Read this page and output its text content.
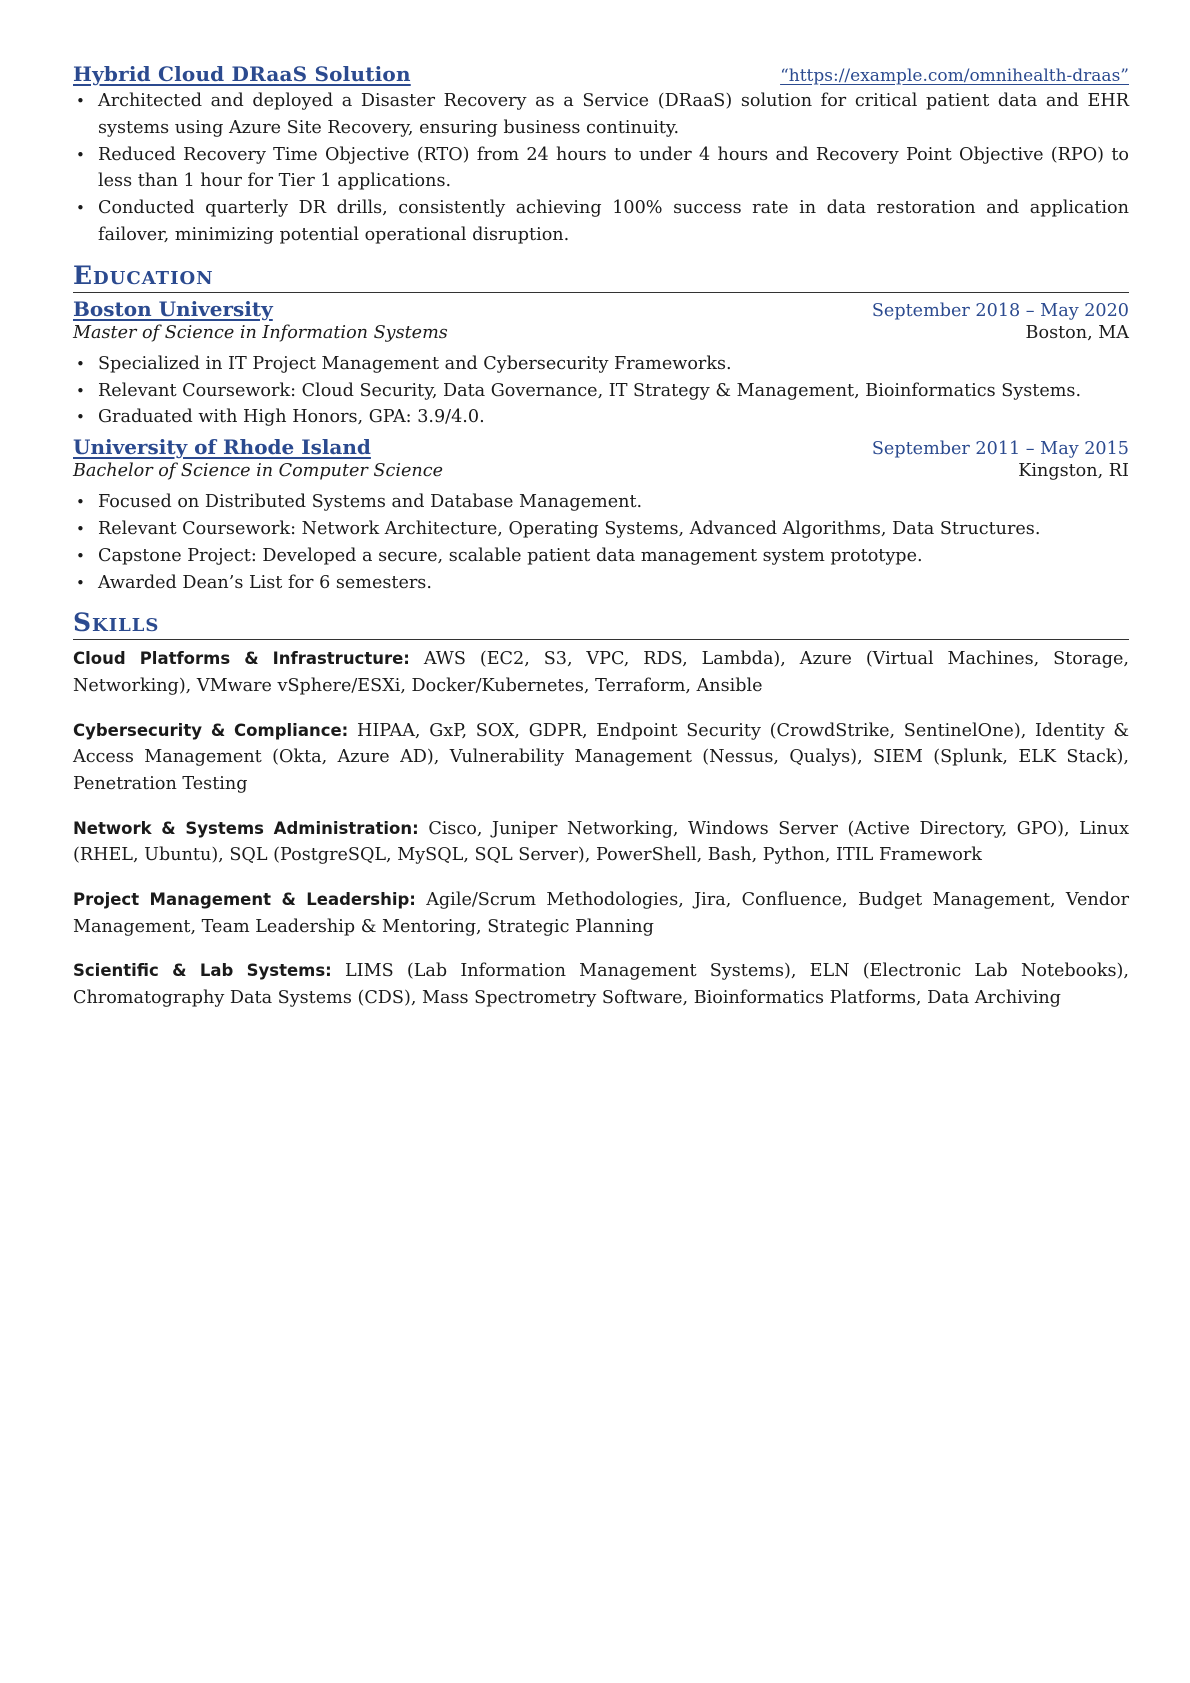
Hybrid Cloud DRaaS Solution	“https://example.com/omnihealth-draas”
• Architected and deployed a Disaster Recovery as a Service (DRaaS) solution for critical patient data and EHR systems using Azure Site Recovery, ensuring business continuity.
• Reduced Recovery Time Objective (RTO) from 24 hours to under 4 hours and Recovery Point Objective (RPO) to less than 1 hour for Tier 1 applications.
• Conducted quarterly DR drills, consistently achieving 100% success rate in data restoration and application failover, minimizing potential operational disruption.
Education
Boston University	September 2018 – May 2020
Master of Science in Information Systems	Boston, MA
• Specialized in IT Project Management and Cybersecurity Frameworks.
• Relevant Coursework: Cloud Security, Data Governance, IT Strategy & Management, Bioinformatics Systems.
• Graduated with High Honors, GPA: 3.9/4.0.
University of Rhode Island	September 2011 – May 2015
Bachelor of Science in Computer Science	Kingston, RI
• Focused on Distributed Systems and Database Management.
• Relevant Coursework: Network Architecture, Operating Systems, Advanced Algorithms, Data Structures.
• Capstone Project: Developed a secure, scalable patient data management system prototype.
• Awarded Dean’s List for 6 semesters.
Skills

Cloud Platforms & Infrastructure: AWS (EC2, S3, VPC, RDS, Lambda), Azure (Virtual Machines, Storage, Networking), VMware vSphere/ESXi, Docker/Kubernetes, Terraform, Ansible

Cybersecurity & Compliance: HIPAA, GxP, SOX, GDPR, Endpoint Security (CrowdStrike, SentinelOne), Identity & Access Management (Okta, Azure AD), Vulnerability Management (Nessus, Qualys), SIEM (Splunk, ELK Stack), Penetration Testing

Network & Systems Administration: Cisco, Juniper Networking, Windows Server (Active Directory, GPO), Linux (RHEL, Ubuntu), SQL (PostgreSQL, MySQL, SQL Server), PowerShell, Bash, Python, ITIL Framework

Project Management & Leadership: Agile/Scrum Methodologies, Jira, Confluence, Budget Management, Vendor Management, Team Leadership & Mentoring, Strategic Planning

Scientific & Lab Systems: LIMS (Lab Information Management Systems), ELN (Electronic Lab Notebooks), Chromatography Data Systems (CDS), Mass Spectrometry Software, Bioinformatics Platforms, Data Archiving
